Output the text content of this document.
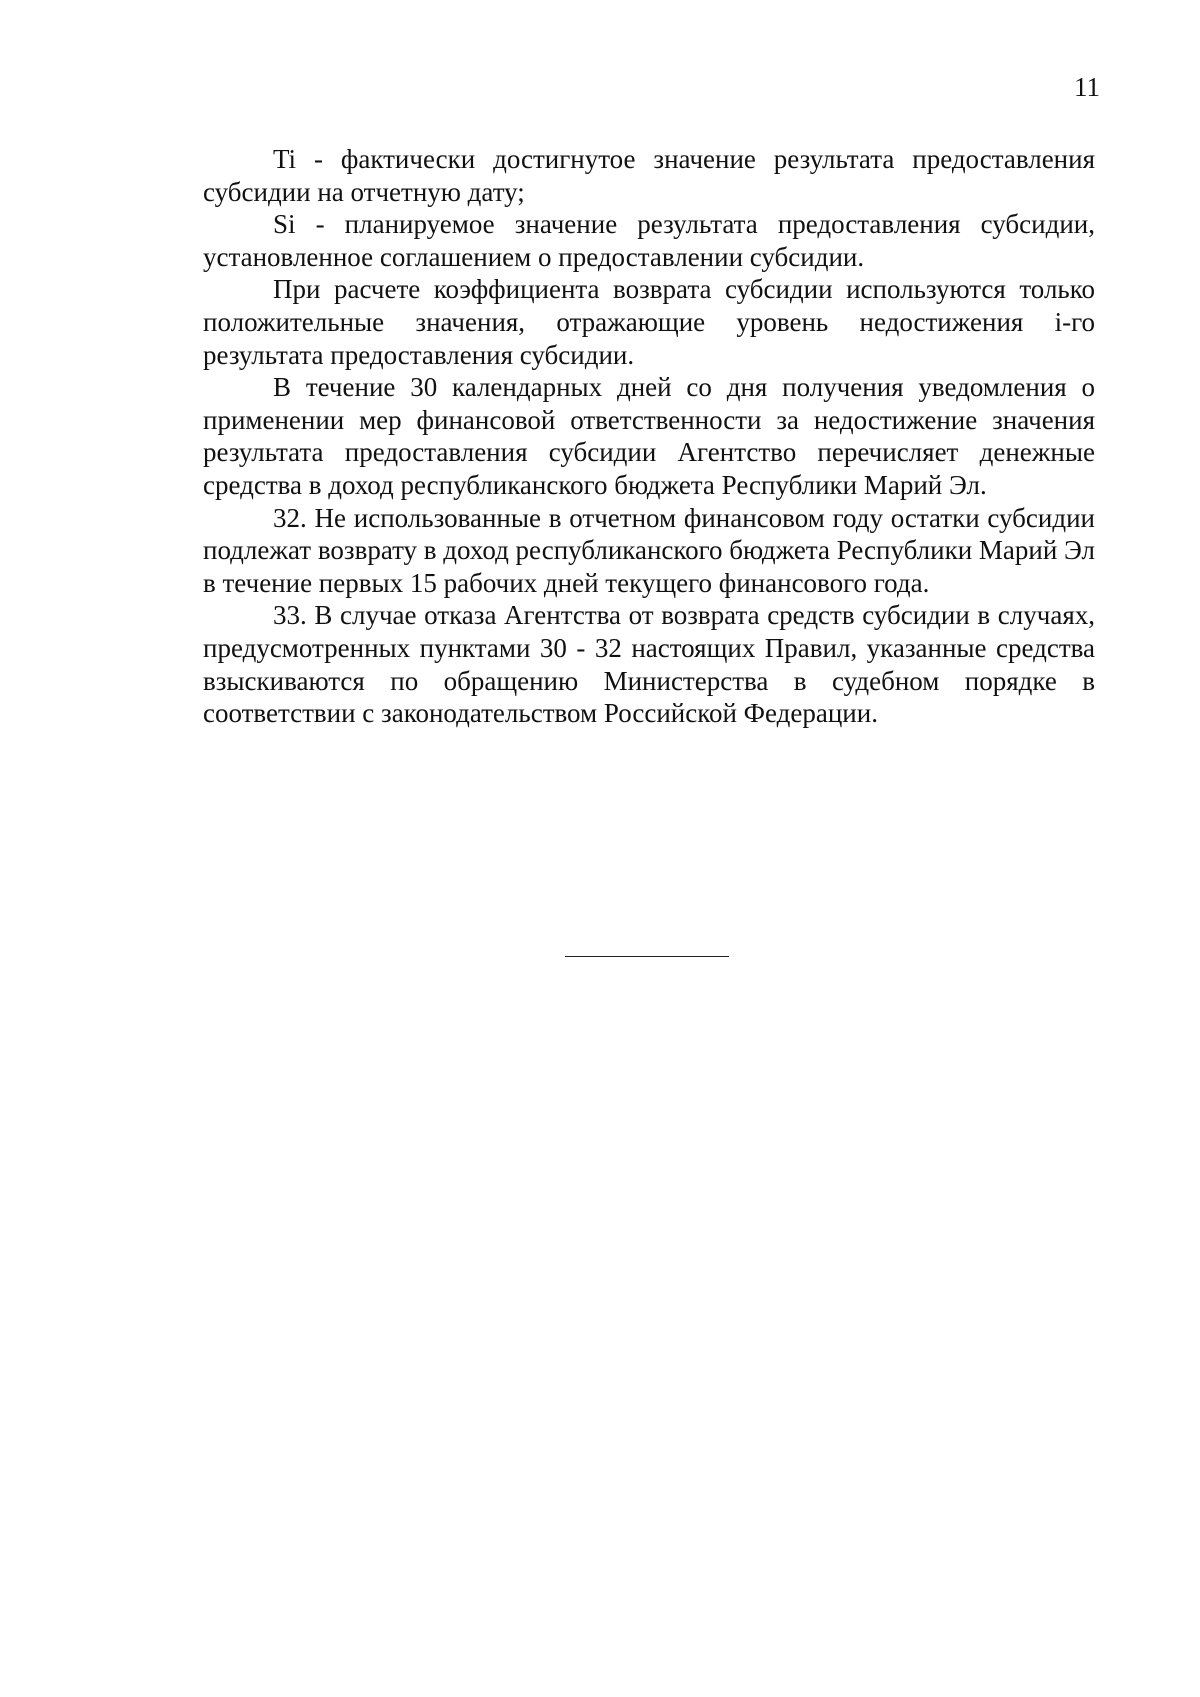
11

Ti - фактически достигнутое значение результата предоставления субсидии на отчетную дату;

Si - планируемое значение результата предоставления субсидии, установленное соглашением о предоставлении субсидии.

При расчете коэффициента возврата субсидии используются только положительные значения, отражающие уровень недостижения i-го результата предоставления субсидии.

В течение 30 календарных дней со дня получения уведомления о применении мер финансовой ответственности за недостижение значения результата предоставления субсидии Агентство перечисляет денежные средства в доход республиканского бюджета Республики Марий Эл.

32. Не использованные в отчетном финансовом году остатки субсидии подлежат возврату в доход республиканского бюджета Республики Марий Эл в течение первых 15 рабочих дней текущего финансового года.

33. В случае отказа Агентства от возврата средств субсидии в случаях, предусмотренных пунктами 30 - 32 настоящих Правил, указанные средства взыскиваются по обращению Министерства в судебном порядке в соответствии с законодательством Российской Федерации.
